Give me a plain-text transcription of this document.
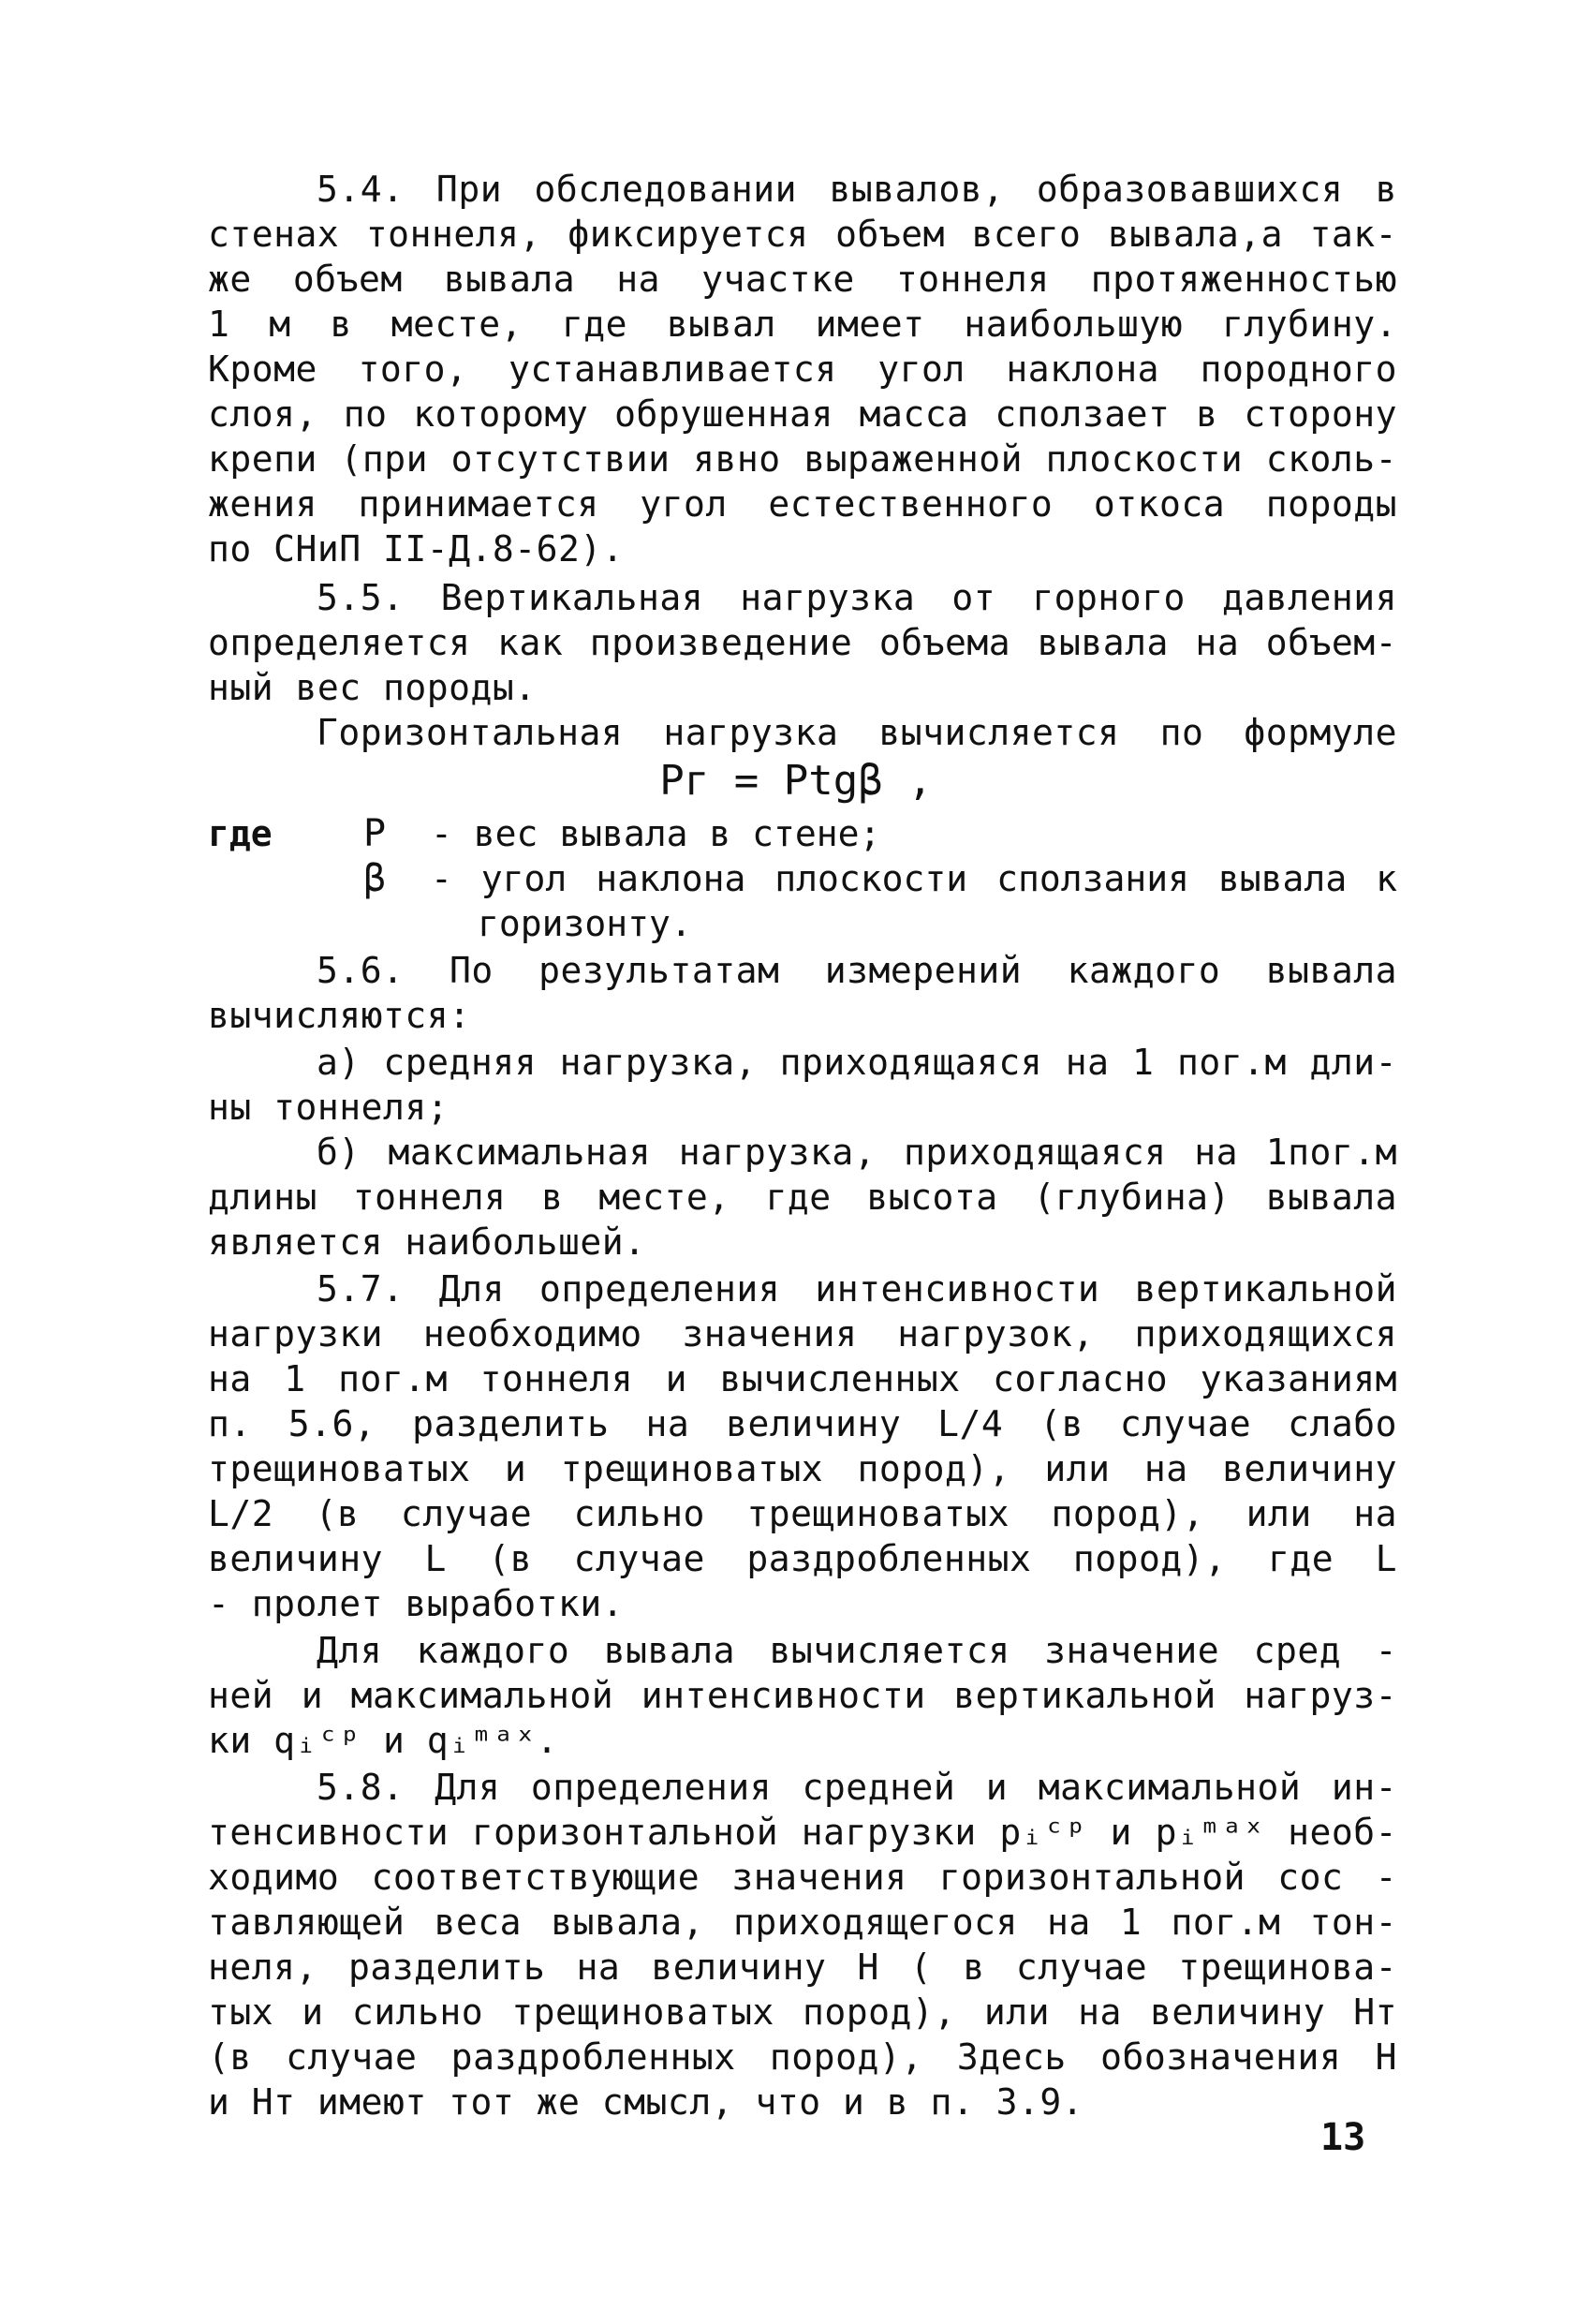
5.4. При обследовании вывалов, образовавшихся в
стенах тоннеля, фиксируется объем всего вывала,а так-
же объем вывала на участке тоннеля протяженностью
1 м в месте, где вывал имеет наибольшую глубину.
Кроме того, устанавливается угол наклона породного
слоя, по которому обрушенная масса сползает в сторону
крепи (при отсутствии явно выраженной плоскости сколь-
жения принимается угол естественного откоса породы
по СНиП II-Д.8-62).
5.5. Вертикальная нагрузка от горного давления
определяется как произведение объема вывала на объем-
ный вес породы.
Горизонтальная нагрузка вычисляется по формуле
Pг = Ptgβ ,
где P - вес вывала в стене;
β - угол наклона плоскости сползания вывала к
горизонту.
5.6. По результатам измерений каждого вывала
вычисляются:
а) средняя нагрузка, приходящаяся на 1 пог.м дли-
ны тоннеля;
б) максимальная нагрузка, приходящаяся на 1пог.м
длины тоннеля в месте, где высота (глубина) вывала
является наибольшей.
5.7. Для определения интенсивности вертикальной
нагрузки необходимо значения нагрузок, приходящихся
на 1 пог.м тоннеля и вычисленных согласно указаниям
п. 5.6, разделить на величину L/4 (в случае слабо
трещиноватых и трещиноватых пород), или на величину
L/2 (в случае сильно трещиноватых пород), или на
величину L (в случае раздробленных пород), где L
- пролет выработки.
Для каждого вывала вычисляется значение сред -
ней и максимальной интенсивности вертикальной нагруз-
ки qᵢᶜᵖ и qᵢᵐᵃˣ.
5.8. Для определения средней и максимальной ин-
тенсивности горизонтальной нагрузки pᵢᶜᵖ и pᵢᵐᵃˣ необ-
ходимо соответствующие значения горизонтальной сос -
тавляющей веса вывала, приходящегося на 1 пог.м тон-
неля, разделить на величину H ( в случае трещинова-
тых и сильно трещиноватых пород), или на величину Hт
(в случае раздробленных пород), Здесь обозначения H
и Hт имеют тот же смысл, что и в п. 3.9.
13
